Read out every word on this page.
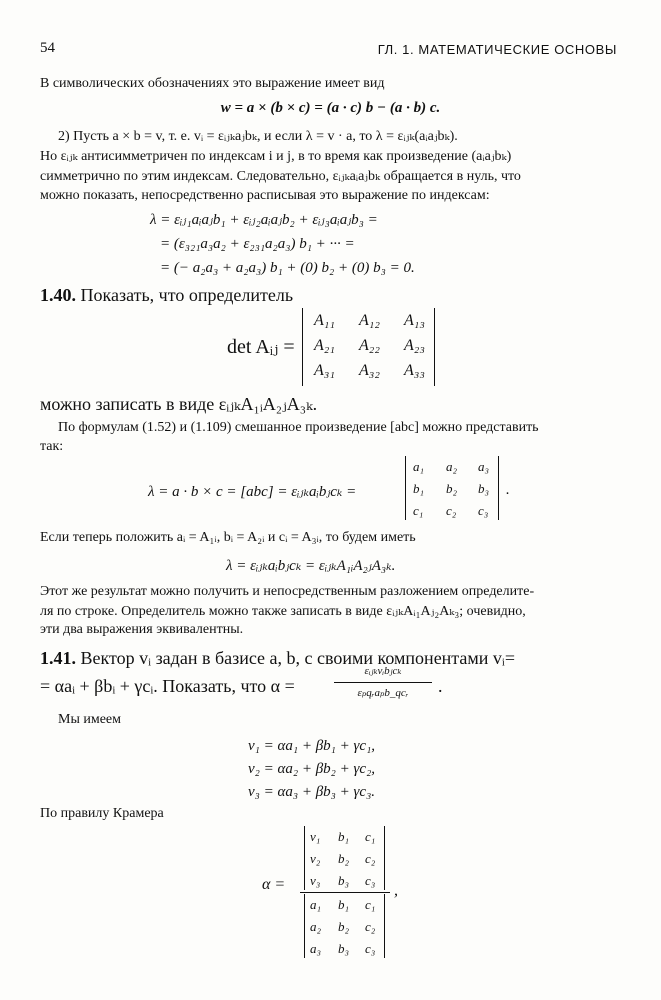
54	ГЛ. 1. МАТЕМАТИЧЕСКИЕ ОСНОВЫ
В символических обозначениях это выражение имеет вид
w = a × (b × c) = (a · c) b − (a · b) c.
2) Пусть a × b = v, т. е. vᵢ = εᵢⱼₖaⱼbₖ, и если λ = v · a, то λ = εᵢⱼₖ(aᵢaⱼbₖ).
Но εᵢⱼₖ антисимметричен по индексам i и j, в то время как произведение (aᵢaⱼbₖ)
симметрично по этим индексам. Следовательно, εᵢⱼₖaᵢaⱼbₖ обращается в нуль, что
можно показать, непосредственно расписывая это выражение по индексам:
λ = εᵢⱼ₁aᵢaⱼb₁ + εᵢⱼ₂aᵢaⱼb₂ + εᵢⱼ₃aᵢaⱼb₃ =
= (ε₃₂₁a₃a₂ + ε₂₃₁a₂a₃) b₁ + ··· =
= (− a₂a₃ + a₂a₃) b₁ + (0) b₂ + (0) b₃ = 0.
1.40. Показать, что определитель
det Aᵢⱼ =
A₁₁ A₁₂ A₁₃
A₂₁ A₂₂ A₂₃
A₃₁ A₃₂ A₃₃
можно записать в виде εᵢⱼₖA₁ᵢA₂ⱼA₃ₖ.
По формулам (1.52) и (1.109) смешанное произведение [abc] можно представить
так:
λ = a · b × c = [abc] = εᵢⱼₖaᵢbⱼcₖ =
a₁ a₂ a₃
b₁ b₂ b₃
c₁ c₂ c₃
.
Если теперь положить aᵢ = A₁ᵢ, bᵢ = A₂ᵢ и cᵢ = A₃ᵢ, то будем иметь
λ = εᵢⱼₖaᵢbⱼcₖ = εᵢⱼₖA₁ᵢA₂ⱼA₃ₖ.
Этот же результат можно получить и непосредственным разложением определите-
ля по строке. Определитель можно также записать в виде εᵢⱼₖAᵢ₁Aⱼ₂Aₖ₃; очевидно,
эти два выражения эквивалентны.
1.41. Вектор vᵢ задан в базисе a, b, c своими компонентами vᵢ=
= αaᵢ + βbᵢ + γcᵢ. Показать, что α =
εᵢⱼₖvᵢbⱼcₖ
εₚqᵣaₚb_qcᵣ	.
Мы имеем
v₁ = αa₁ + βb₁ + γc₁,
v₂ = αa₂ + βb₂ + γc₂,
v₃ = αa₃ + βb₃ + γc₃.
По правилу Крамера
α =
v₁ b₁ c₁
v₂ b₂ c₂
v₃ b₃ c₃
a₁ b₁ c₁
a₂ b₂ c₂
a₃ b₃ c₃
,
